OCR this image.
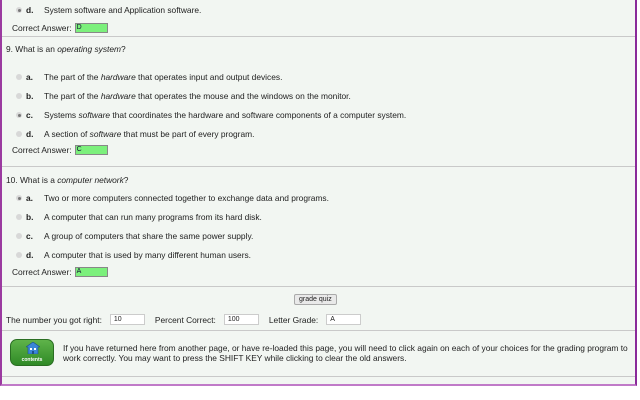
d.	System software and Application software.
Correct Answer: D
9. What is an operating system?
a.	The part of the hardware that operates input and output devices.
b.	The part of the hardware that operates the mouse and the windows on the monitor.
c.	Systems software that coordinates the hardware and software components of a computer system.
d.	A section of software that must be part of every program.
Correct Answer: C
10. What is a computer network?
a.	Two or more computers connected together to exchange data and programs.
b.	A computer that can run many programs from its hard disk.
c.	A group of computers that share the same power supply.
d.	A computer that is used by many different human users.
Correct Answer: A
grade quiz
The number you got right:	10	Percent Correct:	100	Letter Grade:	A
contents
If you have returned here from another page, or have re-loaded this page, you will need to click again on each of your choices for the grading program to work correctly. You may want to press the SHIFT KEY while clicking to clear the old answers.
